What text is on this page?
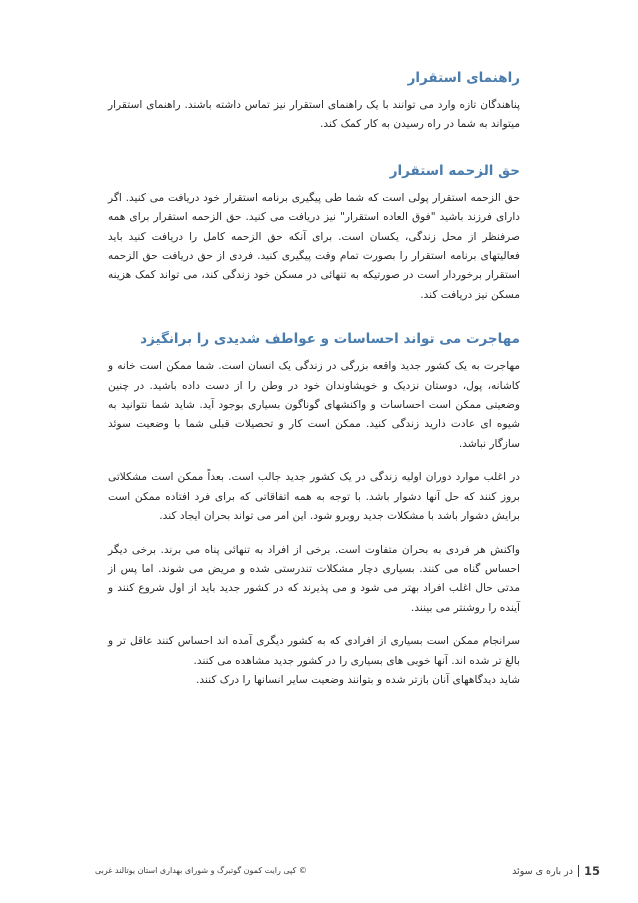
راهنمای استقرار

پناهندگان تازه وارد می توانند با یک راهنمای استقرار نیز تماس داشته باشند. راهنمای استقرار میتواند به شما در راه رسیدن به کار کمک کند.

حق الزحمه استقرار

حق الزحمه استقرار پولی است که شما طی پیگیری برنامه استقرار خود دریافت می کنید. اگر دارای فرزند باشید "فوق العاده استقرار" نیز دریافت می کنید. حق الزحمه استقرار برای همه صرفنظر از محل زندگی، یکسان است. برای آنکه حق الزحمه کامل را دریافت کنید باید فعالیتهای برنامه استقرار را بصورت تمام وقت پیگیری کنید. فردی از حق دریافت حق الزحمه استقرار برخوردار است در صورتیکه به تنهائی در مسکن خود زندگی کند، می تواند کمک هزینه مسکن نیز دریافت کند.

مهاجرت می تواند احساسات و عواطف شدیدی را برانگیزد

مهاجرت به یک کشور جدید واقعه بزرگی در زندگی یک انسان است. شما ممکن است خانه و کاشانه، پول، دوستان نزدیک و خویشاوندان خود در وطن را از دست داده باشید. در چنین وضعیتی ممکن است احساسات و واکنشهای گوناگون بسیاری بوجود آید. شاید شما نتوانید به شیوه ای عادت دارید زندگی کنید. ممکن است کار و تحصیلات قبلی شما با وضعیت سوئد سازگار نباشد.

در اغلب موارد دوران اولیه زندگی در یک کشور جدید جالب است. بعداً ممکن است مشکلاتی بروز کنند که حل آنها دشوار باشد. با توجه به همه اتفاقاتی که برای فرد افتاده ممکن است برایش دشوار باشد با مشکلات جدید روبرو شود. این امر می تواند بحران ایجاد کند.

واکنش هر فردی به بحران متفاوت است. برخی از افراد به تنهائی پناه می برند. برخی دیگر احساس گناه می کنند. بسیاری دچار مشکلات تندرستی شده و مریض می شوند. اما پس از مدتی حال اغلب افراد بهتر می شود و می پذیرند که در کشور جدید باید از اول شروع کنند و آینده را روشنتر می بینند.

سرانجام ممکن است بسیاری از افرادی که به کشور دیگری آمده اند احساس کنند عاقل تر و بالغ تر شده اند. آنها خوبی های بسیاری را در کشور جدید مشاهده می کنند.
شاید دیدگاههای آنان بازتر شده و بتوانند وضعیت سایر انسانها را درک کنند.

15
در باره ی سوئد
© کپی رایت کمون گوتبرگ و شورای بهداری استان یوتالند غربی
